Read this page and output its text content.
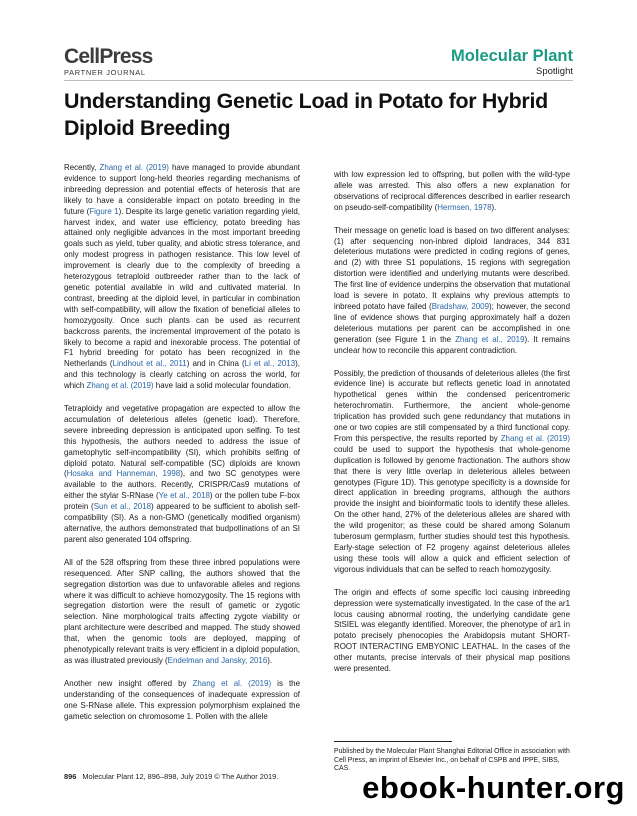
CellPress
PARTNER JOURNAL
Molecular Plant
Spotlight
Understanding Genetic Load in Potato for Hybrid Diploid Breeding

Recently, Zhang et al. (2019) have managed to provide abundant evidence to support long-held theories regarding mechanisms of inbreeding depression and potential effects of heterosis that are likely to have a considerable impact on potato breeding in the future (Figure 1). Despite its large genetic variation regarding yield, harvest index, and water use efficiency, potato breeding has attained only negligible advances in the most important breeding goals such as yield, tuber quality, and abiotic stress tolerance, and only modest progress in pathogen resistance. This low level of improvement is clearly due to the complexity of breeding a heterozygous tetraploid outbreeder rather than to the lack of genetic potential available in wild and cultivated material. In contrast, breeding at the diploid level, in particular in combination with self-compatibility, will allow the fixation of beneficial alleles to homozygosity. Once such plants can be used as recurrent backcross parents, the incremental improvement of the potato is likely to become a rapid and inexorable process. The potential of F1 hybrid breeding for potato has been recognized in the Netherlands (Lindhout et al., 2011) and in China (Li et al., 2013), and this technology is clearly catching on across the world, for which Zhang et al. (2019) have laid a solid molecular foundation.

Tetraploidy and vegetative propagation are expected to allow the accumulation of deleterious alleles (genetic load). Therefore, severe inbreeding depression is anticipated upon selfing. To test this hypothesis, the authors needed to address the issue of gametophytic self-incompatibility (SI), which prohibits selfing of diploid potato. Natural self-compatible (SC) diploids are known (Hosaka and Hanneman, 1998), and two SC genotypes were available to the authors. Recently, CRISPR/Cas9 mutations of either the stylar S-RNase (Ye et al., 2018) or the pollen tube F-box protein (Sun et al., 2018) appeared to be sufficient to abolish self-compatibility (SI). As a non-GMO (genetically modified organism) alternative, the authors demonstrated that budpollinations of an SI parent also generated 104 offspring.

All of the 528 offspring from these three inbred populations were resequenced. After SNP calling, the authors showed that the segregation distortion was due to unfavorable alleles and regions where it was difficult to achieve homozygosity. The 15 regions with segregation distortion were the result of gametic or zygotic selection. Nine morphological traits affecting zygote viability or plant architecture were described and mapped. The study showed that, when the genomic tools are deployed, mapping of phenotypically relevant traits is very efficient in a diploid population, as was illustrated previously (Endelman and Jansky, 2016).

Another new insight offered by Zhang et al. (2019) is the understanding of the consequences of inadequate expression of one S-RNase allele. This expression polymorphism explained the gametic selection on chromosome 1. Pollen with the allele

with low expression led to offspring, but pollen with the wild-type allele was arrested. This also offers a new explanation for observations of reciprocal differences described in earlier research on pseudo-self-compatibility (Hermsen, 1978).

Their message on genetic load is based on two different analyses: (1) after sequencing non-inbred diploid landraces, 344 831 deleterious mutations were predicted in coding regions of genes, and (2) with three S1 populations, 15 regions with segregation distortion were identified and underlying mutants were described. The first line of evidence underpins the observation that mutational load is severe in potato. It explains why previous attempts to inbreed potato have failed (Bradshaw, 2009); however, the second line of evidence shows that purging approximately half a dozen deleterious mutations per parent can be accomplished in one generation (see Figure 1 in the Zhang et al., 2019). It remains unclear how to reconcile this apparent contradiction.

Possibly, the prediction of thousands of deleterious alleles (the first evidence line) is accurate but reflects genetic load in annotated hypothetical genes within the condensed pericentromeric heterochromatin. Furthermore, the ancient whole-genome triplication has provided such gene redundancy that mutations in one or two copies are still compensated by a third functional copy. From this perspective, the results reported by Zhang et al. (2019) could be used to support the hypothesis that whole-genome duplication is followed by genome fractionation. The authors show that there is very little overlap in deleterious alleles between genotypes (Figure 1D). This genotype specificity is a downside for direct application in breeding programs, although the authors provide the insight and bioinformatic tools to identify these alleles. On the other hand, 27% of the deleterious alleles are shared with the wild progenitor; as these could be shared among Solanum tuberosum germplasm, further studies should test this hypothesis. Early-stage selection of F2 progeny against deleterious alleles using these tools will allow a quick and efficient selection of vigorous individuals that can be selfed to reach homozygosity.

The origin and effects of some specific loci causing inbreeding depression were systematically investigated. In the case of the ar1 locus causing abnormal rooting, the underlying candidate gene StSIEL was elegantly identified. Moreover, the phenotype of ar1 in potato precisely phenocopies the Arabidopsis mutant SHORT-ROOT INTERACTING EMBYONIC LEATHAL. In the cases of the other mutants, precise intervals of their physical map positions were presented.

Published by the Molecular Plant Shanghai Editorial Office in association with Cell Press, an imprint of Elsevier Inc., on behalf of CSPB and IPPE, SIBS, CAS.

896 Molecular Plant 12, 896–898, July 2019 © The Author 2019.	ebook-hunter.org
